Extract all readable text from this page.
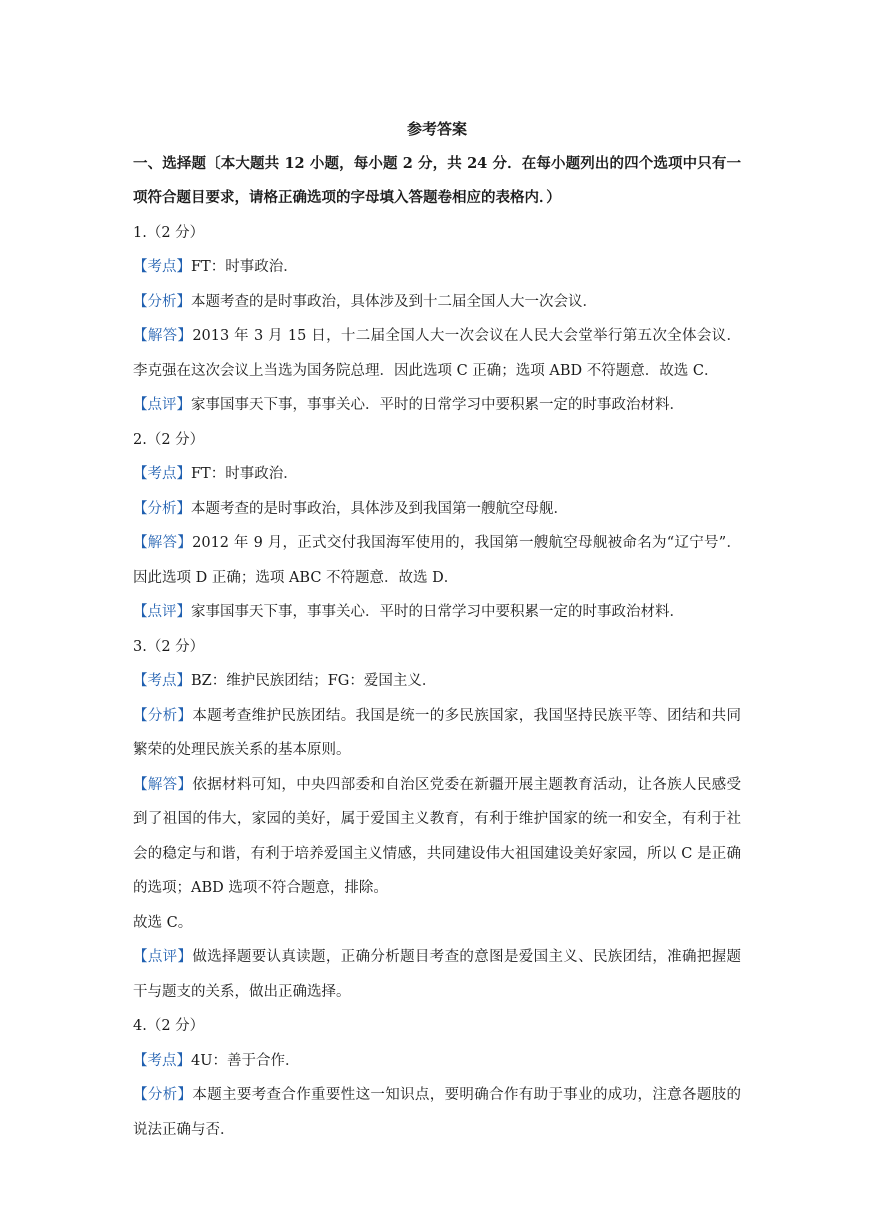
参考答案

一、选择题〔本大题共 12 小题，每小题 2 分，共 24 分．在每小题列出的四个选项中只有一项符合题目要求，请格正确选项的字母填入答题卷相应的表格内．）

1.（2 分）

【考点】FT：时事政治．

【分析】本题考查的是时事政治，具体涉及到十二届全国人大一次会议．

【解答】2013 年 3 月 15 日，十二届全国人大一次会议在人民大会堂举行第五次全体会议．李克强在这次会议上当选为国务院总理．因此选项 C 正确；选项 ABD 不符题意．故选 C．

【点评】家事国事天下事，事事关心．平时的日常学习中要积累一定的时事政治材料．

2.（2 分）

【考点】FT：时事政治．

【分析】本题考查的是时事政治，具体涉及到我国第一艘航空母舰．

【解答】2012 年 9 月，正式交付我国海军使用的，我国第一艘航空母舰被命名为“辽宁号”．因此选项 D 正确；选项 ABC 不符题意．故选 D．

【点评】家事国事天下事，事事关心．平时的日常学习中要积累一定的时事政治材料．

3.（2 分）

【考点】BZ：维护民族团结；FG：爱国主义．

【分析】本题考查维护民族团结。我国是统一的多民族国家，我国坚持民族平等、团结和共同繁荣的处理民族关系的基本原则。

【解答】依据材料可知，中央四部委和自治区党委在新疆开展主题教育活动，让各族人民感受到了祖国的伟大，家园的美好，属于爱国主义教育，有利于维护国家的统一和安全，有利于社会的稳定与和谐，有利于培养爱国主义情感，共同建设伟大祖国建设美好家园，所以 C 是正确的选项；ABD 选项不符合题意，排除。

故选 C。

【点评】做选择题要认真读题，正确分析题目考查的意图是爱国主义、民族团结，准确把握题干与题支的关系，做出正确选择。

4.（2 分）

【考点】4U：善于合作．

【分析】本题主要考查合作重要性这一知识点，要明确合作有助于事业的成功，注意各题肢的说法正确与否．
